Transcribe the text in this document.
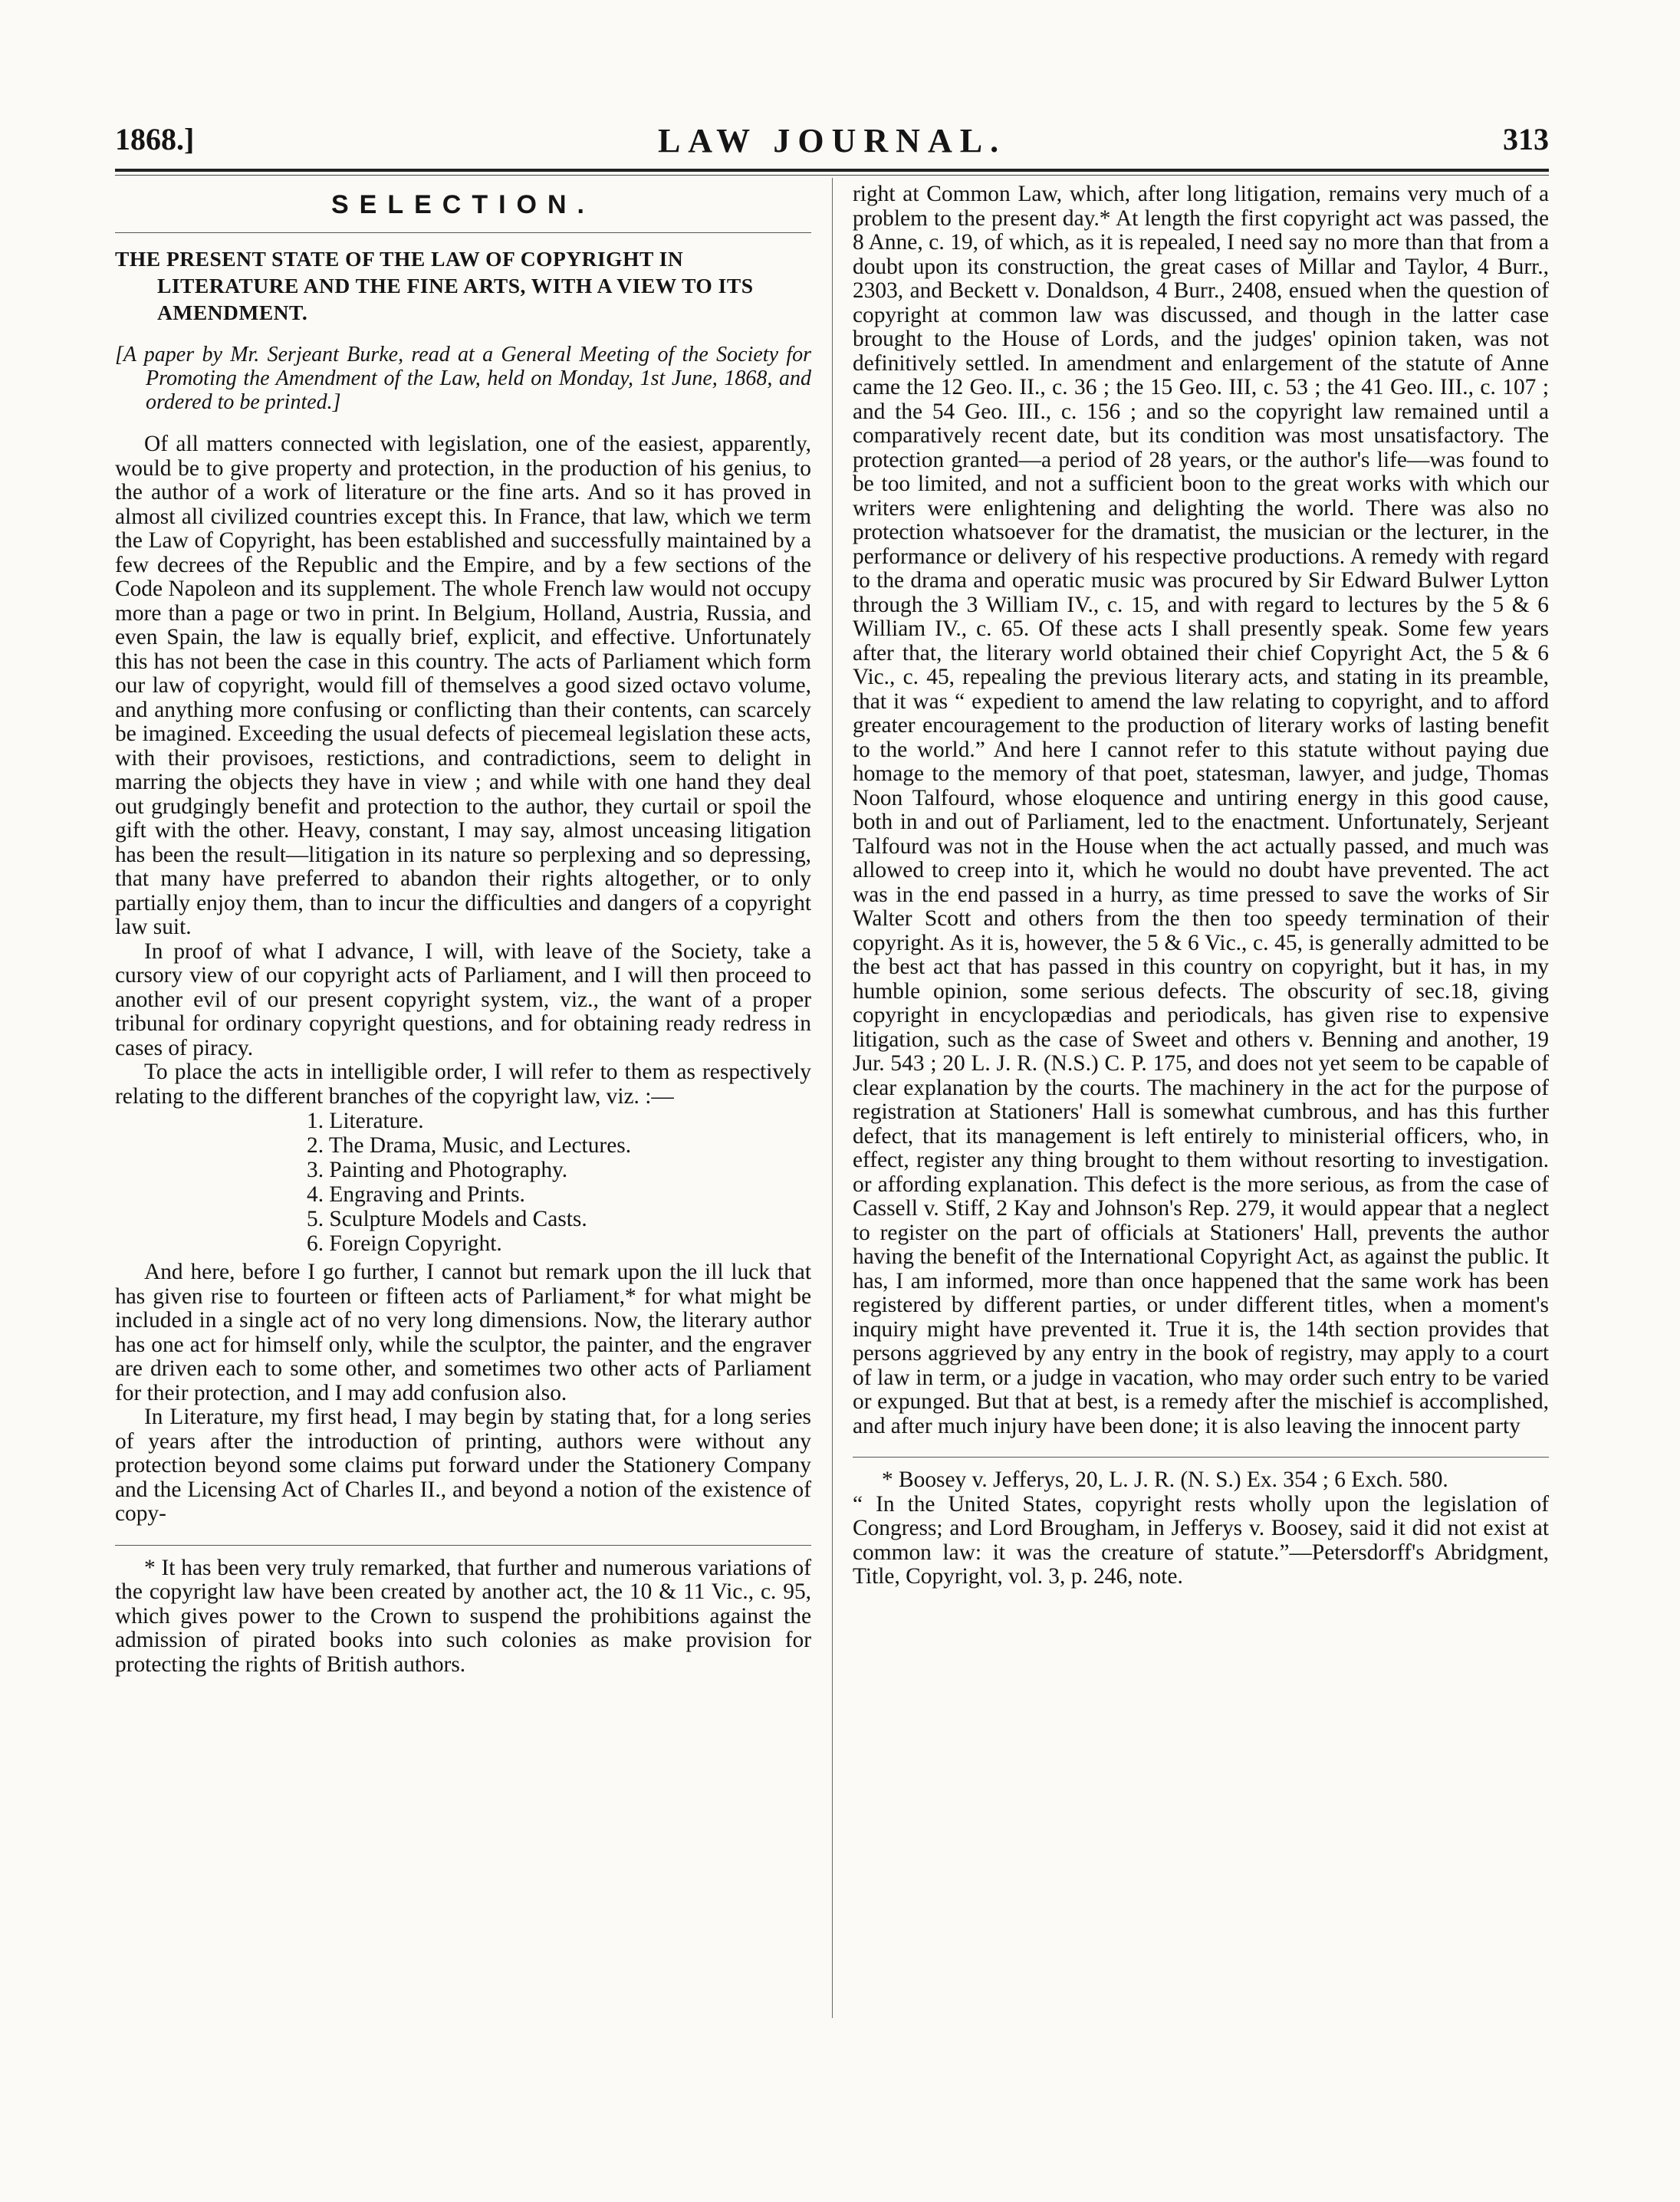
1868.]	LAW JOURNAL.	313
SELECTION.
THE PRESENT STATE OF THE LAW OF COPYRIGHT IN LITERATURE AND THE FINE ARTS, WITH A VIEW TO ITS AMENDMENT.
[A paper by Mr. Serjeant Burke, read at a General Meeting of the Society for Promoting the Amendment of the Law, held on Monday, 1st June, 1868, and ordered to be printed.]

Of all matters connected with legislation, one of the easiest, apparently, would be to give property and protection, in the production of his genius, to the author of a work of literature or the fine arts. And so it has proved in almost all civilized countries except this. In France, that law, which we term the Law of Copyright, has been established and successfully maintained by a few decrees of the Republic and the Empire, and by a few sections of the Code Napoleon and its supplement. The whole French law would not occupy more than a page or two in print. In Belgium, Holland, Austria, Russia, and even Spain, the law is equally brief, explicit, and effective. Unfortunately this has not been the case in this country. The acts of Parliament which form our law of copyright, would fill of themselves a good sized octavo volume, and anything more confusing or conflicting than their contents, can scarcely be imagined. Exceeding the usual defects of piecemeal legislation these acts, with their provisoes, restictions, and contradictions, seem to delight in marring the objects they have in view ; and while with one hand they deal out grudgingly benefit and protection to the author, they curtail or spoil the gift with the other. Heavy, constant, I may say, almost unceasing litigation has been the result—litigation in its nature so perplexing and so depressing, that many have preferred to abandon their rights altogether, or to only partially enjoy them, than to incur the difficulties and dangers of a copyright law suit.

In proof of what I advance, I will, with leave of the Society, take a cursory view of our copyright acts of Parliament, and I will then proceed to another evil of our present copyright system, viz., the want of a proper tribunal for ordinary copyright questions, and for obtaining ready redress in cases of piracy.

To place the acts in intelligible order, I will refer to them as respectively relating to the different branches of the copyright law, viz. :—

1. Literature.
2. The Drama, Music, and Lectures.
3. Painting and Photography.
4. Engraving and Prints.
5. Sculpture Models and Casts.
6. Foreign Copyright.

And here, before I go further, I cannot but remark upon the ill luck that has given rise to fourteen or fifteen acts of Parliament,* for what might be included in a single act of no very long dimensions. Now, the literary author has one act for himself only, while the sculptor, the painter, and the engraver are driven each to some other, and sometimes two other acts of Parliament for their protection, and I may add confusion also.

In Literature, my first head, I may begin by stating that, for a long series of years after the introduction of printing, authors were without any protection beyond some claims put forward under the Stationery Company and the Licensing Act of Charles II., and beyond a notion of the existence of copy-

* It has been very truly remarked, that further and numerous variations of the copyright law have been created by another act, the 10 & 11 Vic., c. 95, which gives power to the Crown to suspend the prohibitions against the admission of pirated books into such colonies as make provision for protecting the rights of British authors.

right at Common Law, which, after long litigation, remains very much of a problem to the present day.* At length the first copyright act was passed, the 8 Anne, c. 19, of which, as it is repealed, I need say no more than that from a doubt upon its construction, the great cases of Millar and Taylor, 4 Burr., 2303, and Beckett v. Donaldson, 4 Burr., 2408, ensued when the question of copyright at common law was discussed, and though in the latter case brought to the House of Lords, and the judges' opinion taken, was not definitively settled. In amendment and enlargement of the statute of Anne came the 12 Geo. II., c. 36 ; the 15 Geo. III, c. 53 ; the 41 Geo. III., c. 107 ; and the 54 Geo. III., c. 156 ; and so the copyright law remained until a comparatively recent date, but its condition was most unsatisfactory. The protection granted—a period of 28 years, or the author's life—was found to be too limited, and not a sufficient boon to the great works with which our writers were enlightening and delighting the world. There was also no protection whatsoever for the dramatist, the musician or the lecturer, in the performance or delivery of his respective productions. A remedy with regard to the drama and operatic music was procured by Sir Edward Bulwer Lytton through the 3 William IV., c. 15, and with regard to lectures by the 5 & 6 William IV., c. 65. Of these acts I shall presently speak. Some few years after that, the literary world obtained their chief Copyright Act, the 5 & 6 Vic., c. 45, repealing the previous literary acts, and stating in its preamble, that it was “ expedient to amend the law relating to copyright, and to afford greater encouragement to the production of literary works of lasting benefit to the world.” And here I cannot refer to this statute without paying due homage to the memory of that poet, statesman, lawyer, and judge, Thomas Noon Talfourd, whose eloquence and untiring energy in this good cause, both in and out of Parliament, led to the enactment. Unfortunately, Serjeant Talfourd was not in the House when the act actually passed, and much was allowed to creep into it, which he would no doubt have prevented. The act was in the end passed in a hurry, as time pressed to save the works of Sir Walter Scott and others from the then too speedy termination of their copyright. As it is, however, the 5 & 6 Vic., c. 45, is generally admitted to be the best act that has passed in this country on copyright, but it has, in my humble opinion, some serious defects. The obscurity of sec.18, giving copyright in encyclopædias and periodicals, has given rise to expensive litigation, such as the case of Sweet and others v. Benning and another, 19 Jur. 543 ; 20 L. J. R. (N.S.) C. P. 175, and does not yet seem to be capable of clear explanation by the courts. The machinery in the act for the purpose of registration at Stationers' Hall is somewhat cumbrous, and has this further defect, that its management is left entirely to ministerial officers, who, in effect, register any thing brought to them without resorting to investigation. or affording explanation. This defect is the more serious, as from the case of Cassell v. Stiff, 2 Kay and Johnson's Rep. 279, it would appear that a neglect to register on the part of officials at Stationers' Hall, prevents the author having the benefit of the International Copyright Act, as against the public. It has, I am informed, more than once happened that the same work has been registered by different parties, or under different titles, when a moment's inquiry might have prevented it. True it is, the 14th section provides that persons aggrieved by any entry in the book of registry, may apply to a court of law in term, or a judge in vacation, who may order such entry to be varied or expunged. But that at best, is a remedy after the mischief is accomplished, and after much injury have been done; it is also leaving the innocent party

* Boosey v. Jefferys, 20, L. J. R. (N. S.) Ex. 354 ; 6 Exch. 580.

“ In the United States, copyright rests wholly upon the legislation of Congress; and Lord Brougham, in Jefferys v. Boosey, said it did not exist at common law: it was the creature of statute.”—Petersdorff's Abridgment, Title, Copyright, vol. 3, p. 246, note.
